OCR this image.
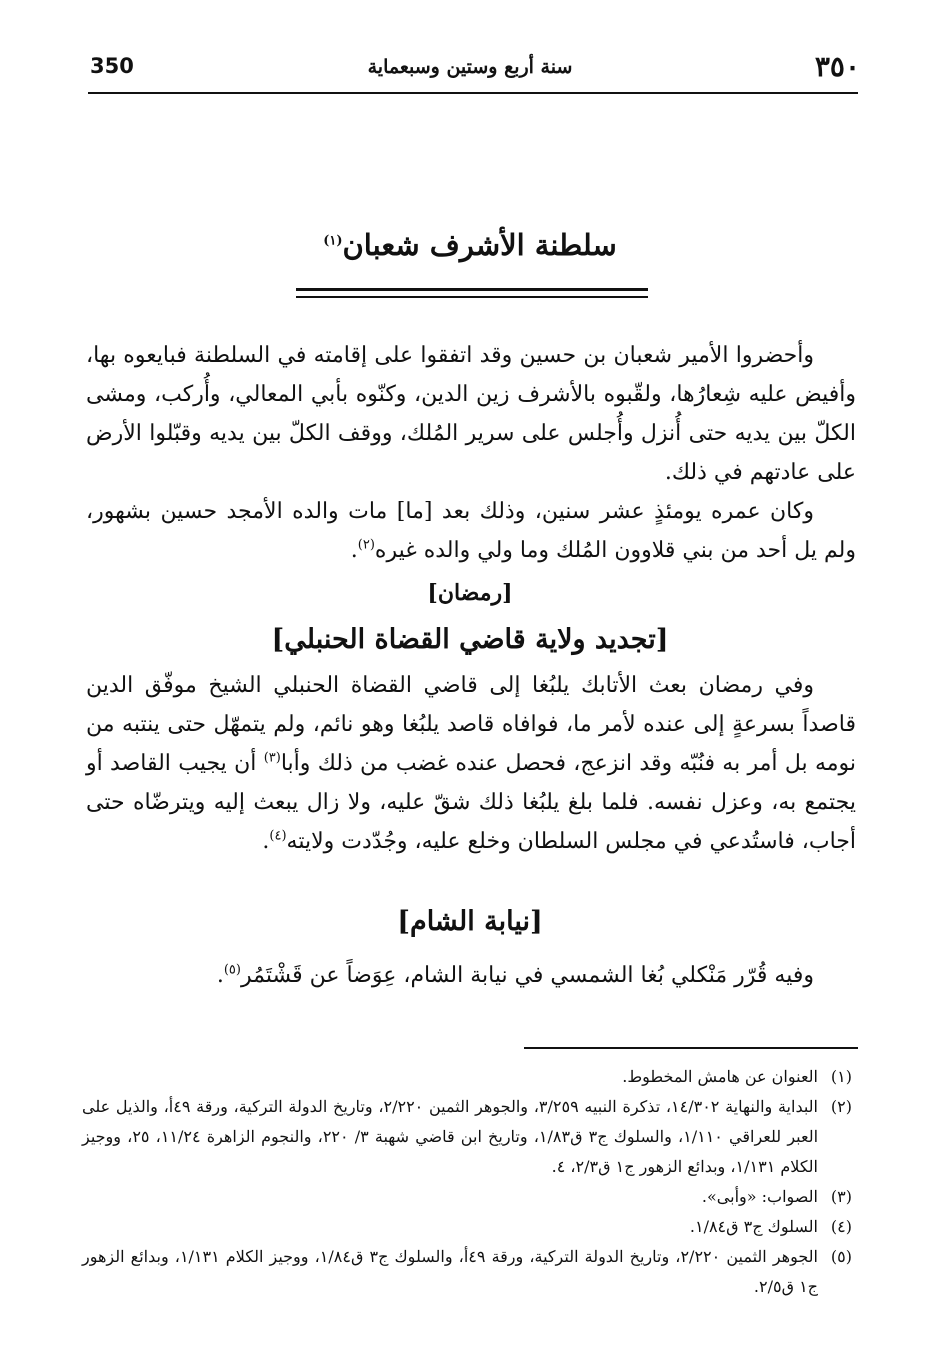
350	سنة أربع وستين وسبعماية	٣٥٠
سلطنة الأشرف شعبان$^{(١)}$

وأحضروا الأمير شعبان بن حسين وقد اتفقوا على إقامته في السلطنة فبايعوه بها، وأفيض عليه شِعارُها، ولقّبوه بالأشرف زين الدين، وكنّوه بأبي المعالي، وأُركب، ومشى الكلّ بين يديه حتى أُنزل وأُجلس على سرير المُلك، ووقف الكلّ بين يديه وقبّلوا الأرض على عادتهم في ذلك.

وكان عمره يومئذٍ عشر سنين، وذلك بعد [ما] مات والده الأمجد حسين بشهور، ولم يل أحد من بني قلاوون المُلك وما ولي والده غيره$^{(٢)}$.

[رمضان]
[تجديد ولاية قاضي القضاة الحنبلي]

وفي رمضان بعث الأتابك يلبُغا إلى قاضي القضاة الحنبلي الشيخ موفّق الدين قاصداً بسرعةٍ إلى عنده لأمر ما، فوافاه قاصد يلبُغا وهو نائم، ولم يتمهّل حتى ينتبه من نومه بل أمر به فنُبّه وقد انزعج، فحصل عنده غضب من ذلك وأبا$^{(٣)}$ أن يجيب القاصد أو يجتمع به، وعزل نفسه. فلما بلغ يلبُغا ذلك شقّ عليه، ولا زال يبعث إليه ويترضّاه حتى أجاب، فاستُدعي في مجلس السلطان وخلع عليه، وجُدّدت ولايته$^{(٤)}$.

[نيابة الشام]

وفيه قُرّر مَنْكلي بُغا الشمسي في نيابة الشام، عِوَضاً عن قَشْتَمُر$^{(٥)}$.

(١)
العنوان عن هامش المخطوط.
(٢)
البداية والنهاية ١٤/٣٠٢، تذكرة النبيه ٣/٢٥٩، والجوهر الثمين ٢/٢٢٠، وتاريخ الدولة التركية، ورقة ٤٩أ، والذيل على العبر للعراقي ١/١١٠، والسلوك ج٣ ق١/٨٣، وتاريخ ابن قاضي شهبة ٣/ ٢٢٠، والنجوم الزاهرة ١١/٢٤، ٢٥، ووجيز الكلام ١/١٣١، وبدائع الزهور ج١ ق٢/٣، ٤.
(٣)
الصواب: «وأبى».
(٤)
السلوك ج٣ ق١/٨٤.
(٥)
الجوهر الثمين ٢/٢٢٠، وتاريخ الدولة التركية، ورقة ٤٩أ، والسلوك ج٣ ق١/٨٤، ووجيز الكلام ١/١٣١، وبدائع الزهور ج١ ق٢/٥.
